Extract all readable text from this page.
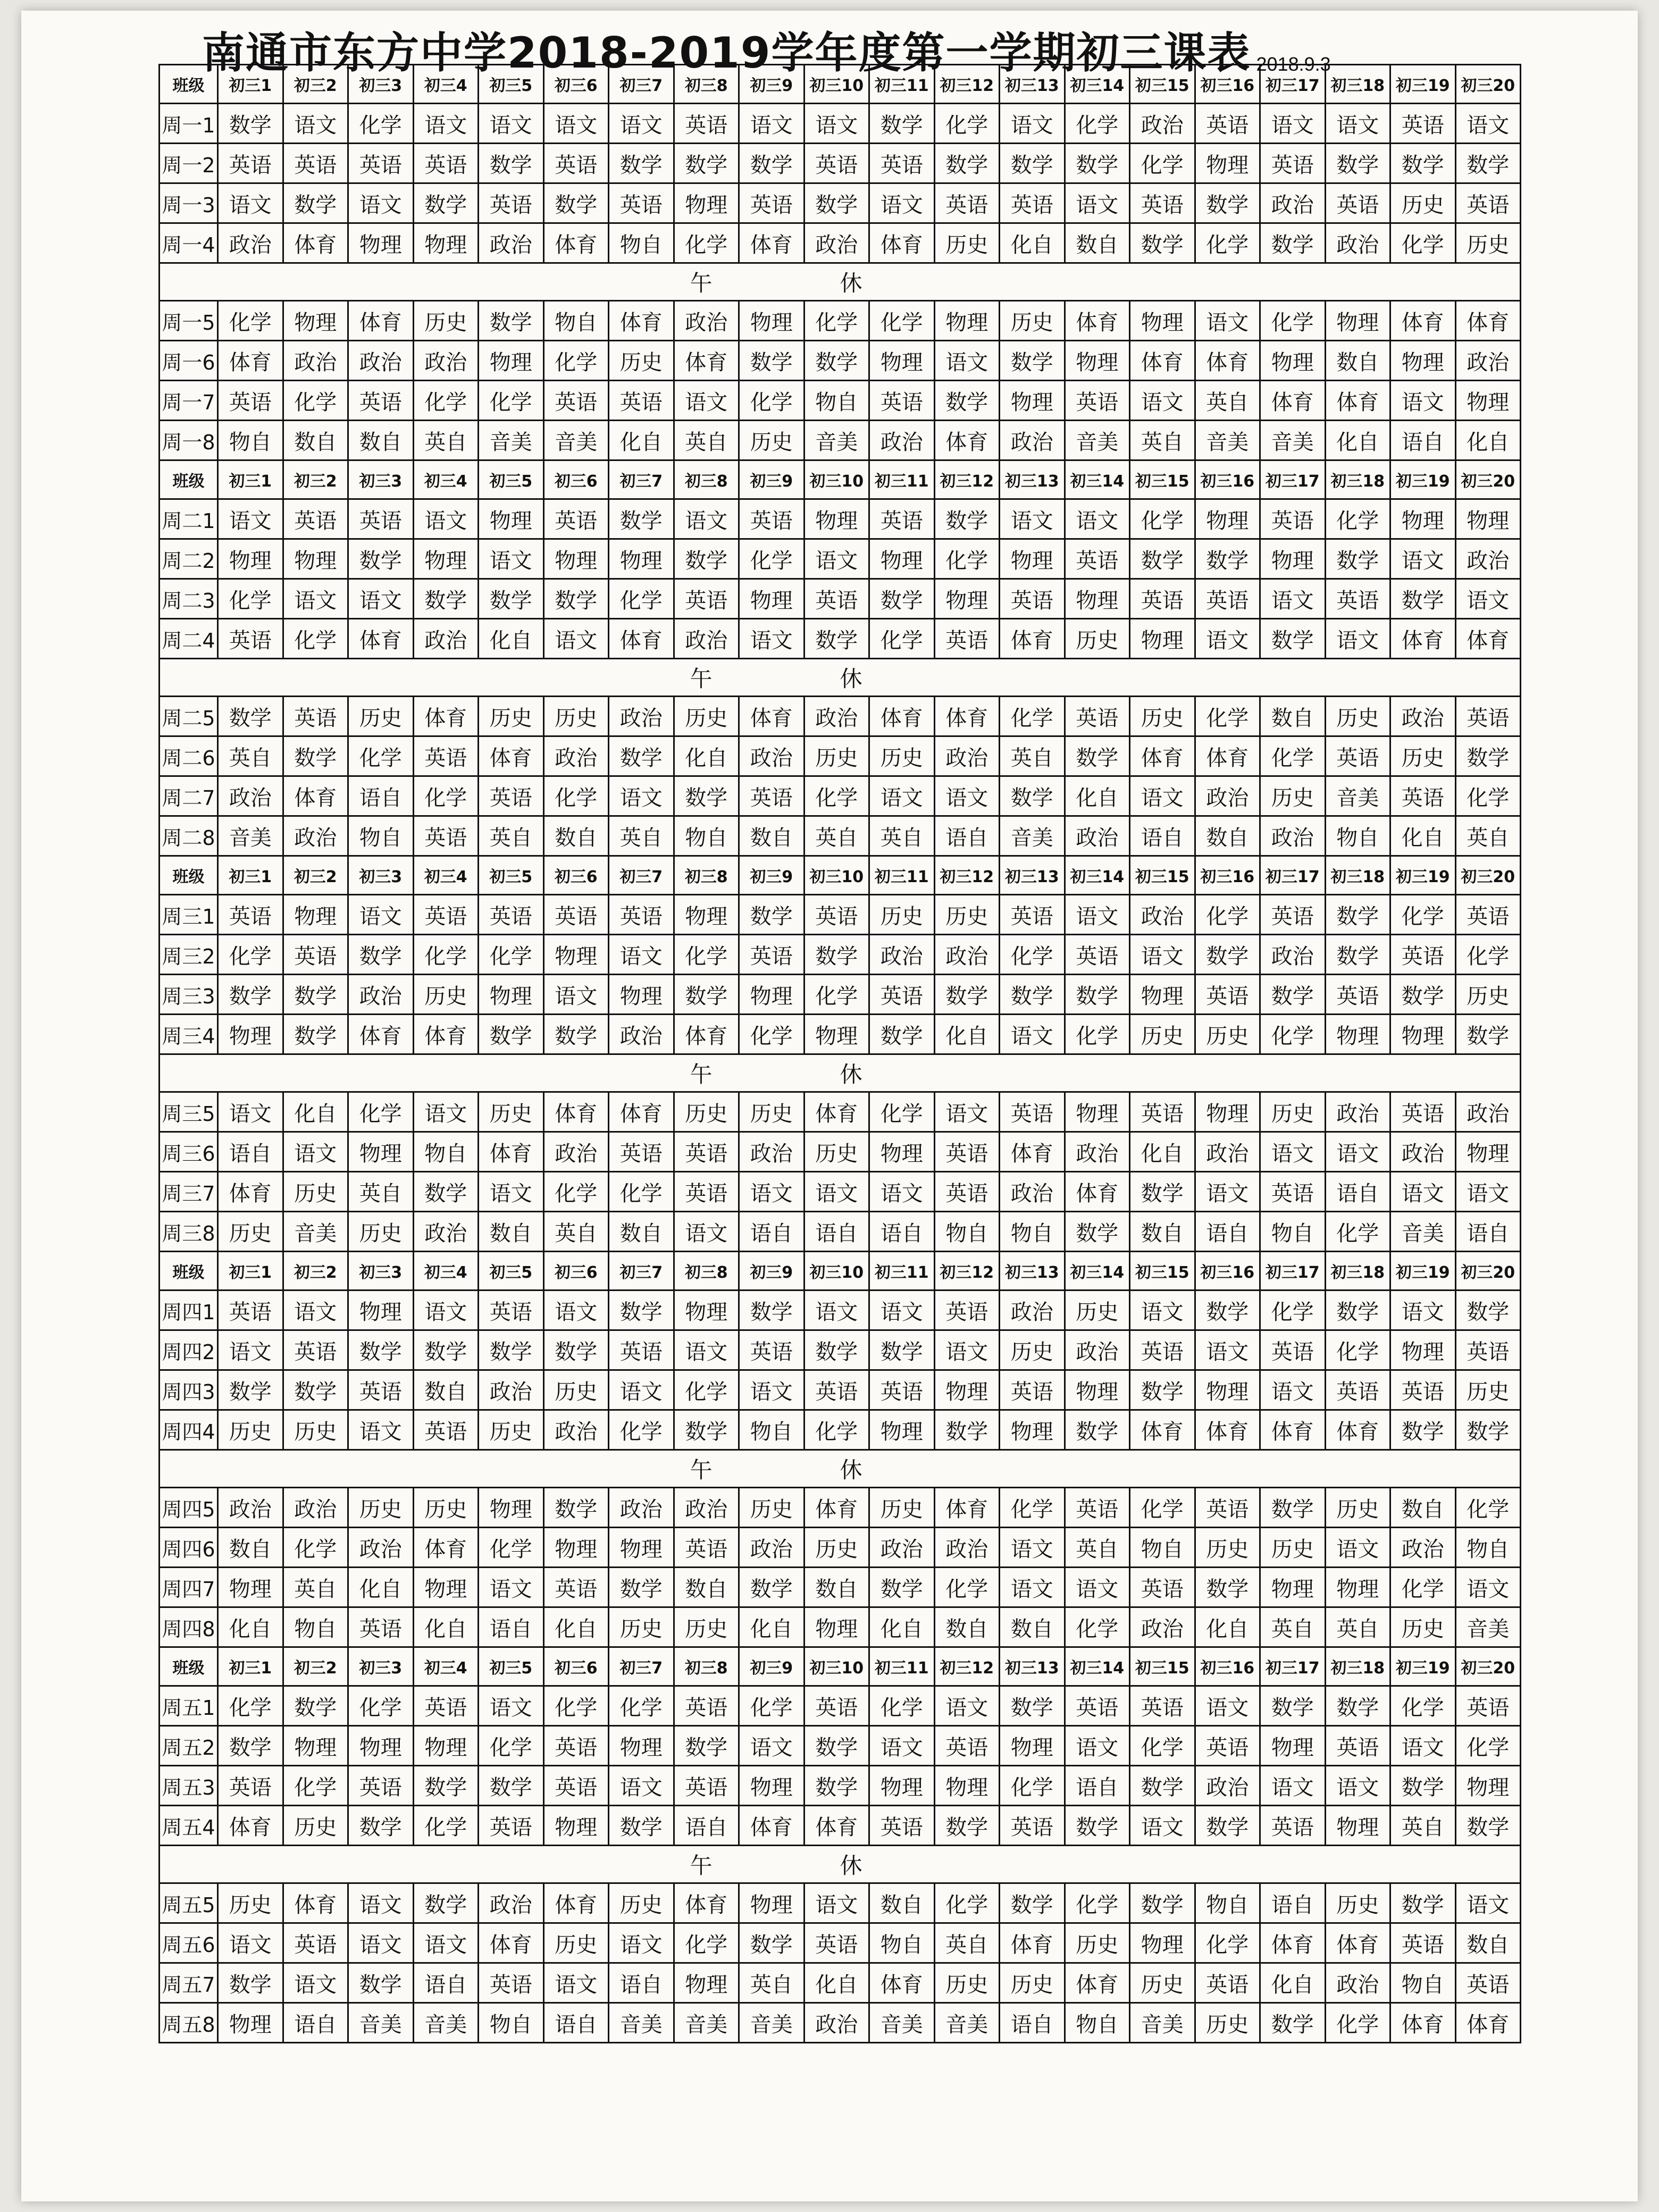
南通市东方中学2018-2019学年度第一学期初三课表 2018.9.3
班级	初三1	初三2	初三3	初三4	初三5	初三6	初三7	初三8	初三9	初三10	初三11	初三12	初三13	初三14	初三15	初三16	初三17	初三18	初三19	初三20
周一1	数学	语文	化学	语文	语文	语文	语文	英语	语文	语文	数学	化学	语文	化学	政治	英语	语文	语文	英语	语文
周一2	英语	英语	英语	英语	数学	英语	数学	数学	数学	英语	英语	数学	数学	数学	化学	物理	英语	数学	数学	数学
周一3	语文	数学	语文	数学	英语	数学	英语	物理	英语	数学	语文	英语	英语	语文	英语	数学	政治	英语	历史	英语
周一4	政治	体育	物理	物理	政治	体育	物自	化学	体育	政治	体育	历史	化自	数自	数学	化学	数学	政治	化学	历史
午休																				
周一5	化学	物理	体育	历史	数学	物自	体育	政治	物理	化学	化学	物理	历史	体育	物理	语文	化学	物理	体育	体育
周一6	体育	政治	政治	政治	物理	化学	历史	体育	数学	数学	物理	语文	数学	物理	体育	体育	物理	数自	物理	政治
周一7	英语	化学	英语	化学	化学	英语	英语	语文	化学	物自	英语	数学	物理	英语	语文	英自	体育	体育	语文	物理
周一8	物自	数自	数自	英自	音美	音美	化自	英自	历史	音美	政治	体育	政治	音美	英自	音美	音美	化自	语自	化自
班级	初三1	初三2	初三3	初三4	初三5	初三6	初三7	初三8	初三9	初三10	初三11	初三12	初三13	初三14	初三15	初三16	初三17	初三18	初三19	初三20
周二1	语文	英语	英语	语文	物理	英语	数学	语文	英语	物理	英语	数学	语文	语文	化学	物理	英语	化学	物理	物理
周二2	物理	物理	数学	物理	语文	物理	物理	数学	化学	语文	物理	化学	物理	英语	数学	数学	物理	数学	语文	政治
周二3	化学	语文	语文	数学	数学	数学	化学	英语	物理	英语	数学	物理	英语	物理	英语	英语	语文	英语	数学	语文
周二4	英语	化学	体育	政治	化自	语文	体育	政治	语文	数学	化学	英语	体育	历史	物理	语文	数学	语文	体育	体育
午休																				
周二5	数学	英语	历史	体育	历史	历史	政治	历史	体育	政治	体育	体育	化学	英语	历史	化学	数自	历史	政治	英语
周二6	英自	数学	化学	英语	体育	政治	数学	化自	政治	历史	历史	政治	英自	数学	体育	体育	化学	英语	历史	数学
周二7	政治	体育	语自	化学	英语	化学	语文	数学	英语	化学	语文	语文	数学	化自	语文	政治	历史	音美	英语	化学
周二8	音美	政治	物自	英语	英自	数自	英自	物自	数自	英自	英自	语自	音美	政治	语自	数自	政治	物自	化自	英自
班级	初三1	初三2	初三3	初三4	初三5	初三6	初三7	初三8	初三9	初三10	初三11	初三12	初三13	初三14	初三15	初三16	初三17	初三18	初三19	初三20
周三1	英语	物理	语文	英语	英语	英语	英语	物理	数学	英语	历史	历史	英语	语文	政治	化学	英语	数学	化学	英语
周三2	化学	英语	数学	化学	化学	物理	语文	化学	英语	数学	政治	政治	化学	英语	语文	数学	政治	数学	英语	化学
周三3	数学	数学	政治	历史	物理	语文	物理	数学	物理	化学	英语	数学	数学	数学	物理	英语	数学	英语	数学	历史
周三4	物理	数学	体育	体育	数学	数学	政治	体育	化学	物理	数学	化自	语文	化学	历史	历史	化学	物理	物理	数学
午休																				
周三5	语文	化自	化学	语文	历史	体育	体育	历史	历史	体育	化学	语文	英语	物理	英语	物理	历史	政治	英语	政治
周三6	语自	语文	物理	物自	体育	政治	英语	英语	政治	历史	物理	英语	体育	政治	化自	政治	语文	语文	政治	物理
周三7	体育	历史	英自	数学	语文	化学	化学	英语	语文	语文	语文	英语	政治	体育	数学	语文	英语	语自	语文	语文
周三8	历史	音美	历史	政治	数自	英自	数自	语文	语自	语自	语自	物自	物自	数学	数自	语自	物自	化学	音美	语自
班级	初三1	初三2	初三3	初三4	初三5	初三6	初三7	初三8	初三9	初三10	初三11	初三12	初三13	初三14	初三15	初三16	初三17	初三18	初三19	初三20
周四1	英语	语文	物理	语文	英语	语文	数学	物理	数学	语文	语文	英语	政治	历史	语文	数学	化学	数学	语文	数学
周四2	语文	英语	数学	数学	数学	数学	英语	语文	英语	数学	数学	语文	历史	政治	英语	语文	英语	化学	物理	英语
周四3	数学	数学	英语	数自	政治	历史	语文	化学	语文	英语	英语	物理	英语	物理	数学	物理	语文	英语	英语	历史
周四4	历史	历史	语文	英语	历史	政治	化学	数学	物自	化学	物理	数学	物理	数学	体育	体育	体育	体育	数学	数学
午休																				
周四5	政治	政治	历史	历史	物理	数学	政治	政治	历史	体育	历史	体育	化学	英语	化学	英语	数学	历史	数自	化学
周四6	数自	化学	政治	体育	化学	物理	物理	英语	政治	历史	政治	政治	语文	英自	物自	历史	历史	语文	政治	物自
周四7	物理	英自	化自	物理	语文	英语	数学	数自	数学	数自	数学	化学	语文	语文	英语	数学	物理	物理	化学	语文
周四8	化自	物自	英语	化自	语自	化自	历史	历史	化自	物理	化自	数自	数自	化学	政治	化自	英自	英自	历史	音美
班级	初三1	初三2	初三3	初三4	初三5	初三6	初三7	初三8	初三9	初三10	初三11	初三12	初三13	初三14	初三15	初三16	初三17	初三18	初三19	初三20
周五1	化学	数学	化学	英语	语文	化学	化学	英语	化学	英语	化学	语文	数学	英语	英语	语文	数学	数学	化学	英语
周五2	数学	物理	物理	物理	化学	英语	物理	数学	语文	数学	语文	英语	物理	语文	化学	英语	物理	英语	语文	化学
周五3	英语	化学	英语	数学	数学	英语	语文	英语	物理	数学	物理	物理	化学	语自	数学	政治	语文	语文	数学	物理
周五4	体育	历史	数学	化学	英语	物理	数学	语自	体育	体育	英语	数学	英语	数学	语文	数学	英语	物理	英自	数学
午休																				
周五5	历史	体育	语文	数学	政治	体育	历史	体育	物理	语文	数自	化学	数学	化学	数学	物自	语自	历史	数学	语文
周五6	语文	英语	语文	语文	体育	历史	语文	化学	数学	英语	物自	英自	体育	历史	物理	化学	体育	体育	英语	数自
周五7	数学	语文	数学	语自	英语	语文	语自	物理	英自	化自	体育	历史	历史	体育	历史	英语	化自	政治	物自	英语
周五8	物理	语自	音美	音美	物自	语自	音美	音美	音美	政治	音美	音美	语自	物自	音美	历史	数学	化学	体育	体育
